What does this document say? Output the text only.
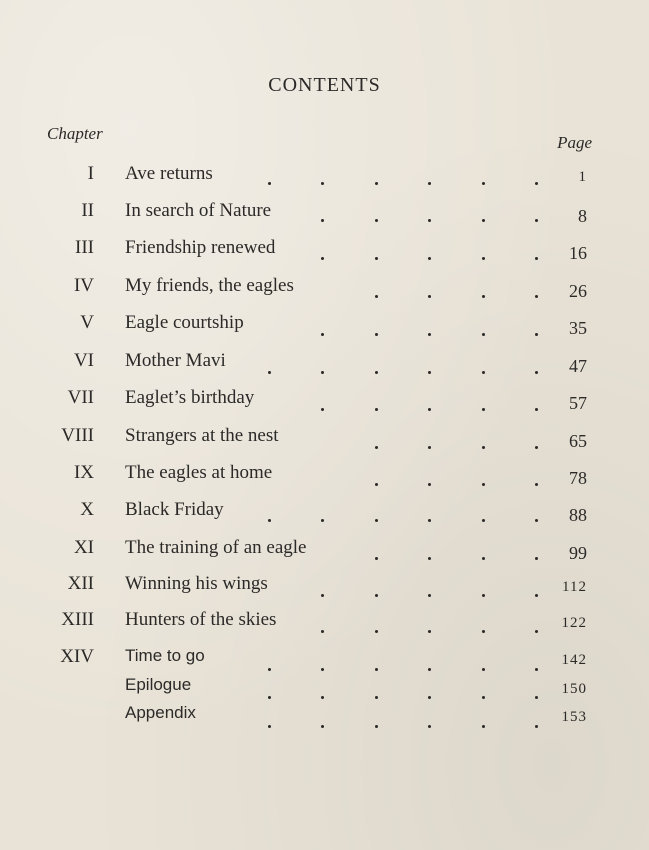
CONTENTS
Chapter	Page
I Ave returns	1
II In search of Nature	8
III Friendship renewed	16
IV My friends, the eagles	26
V Eagle courtship	35
VI Mother Mavi	47
VII Eaglet’s birthday	57
VIII Strangers at the nest	65
IX The eagles at home	78
X Black Friday	88
XI The training of an eagle	99
XII Winning his wings	112
XIII Hunters of the skies	122
XIV Time to go	142
Epilogue	150
Appendix	153
